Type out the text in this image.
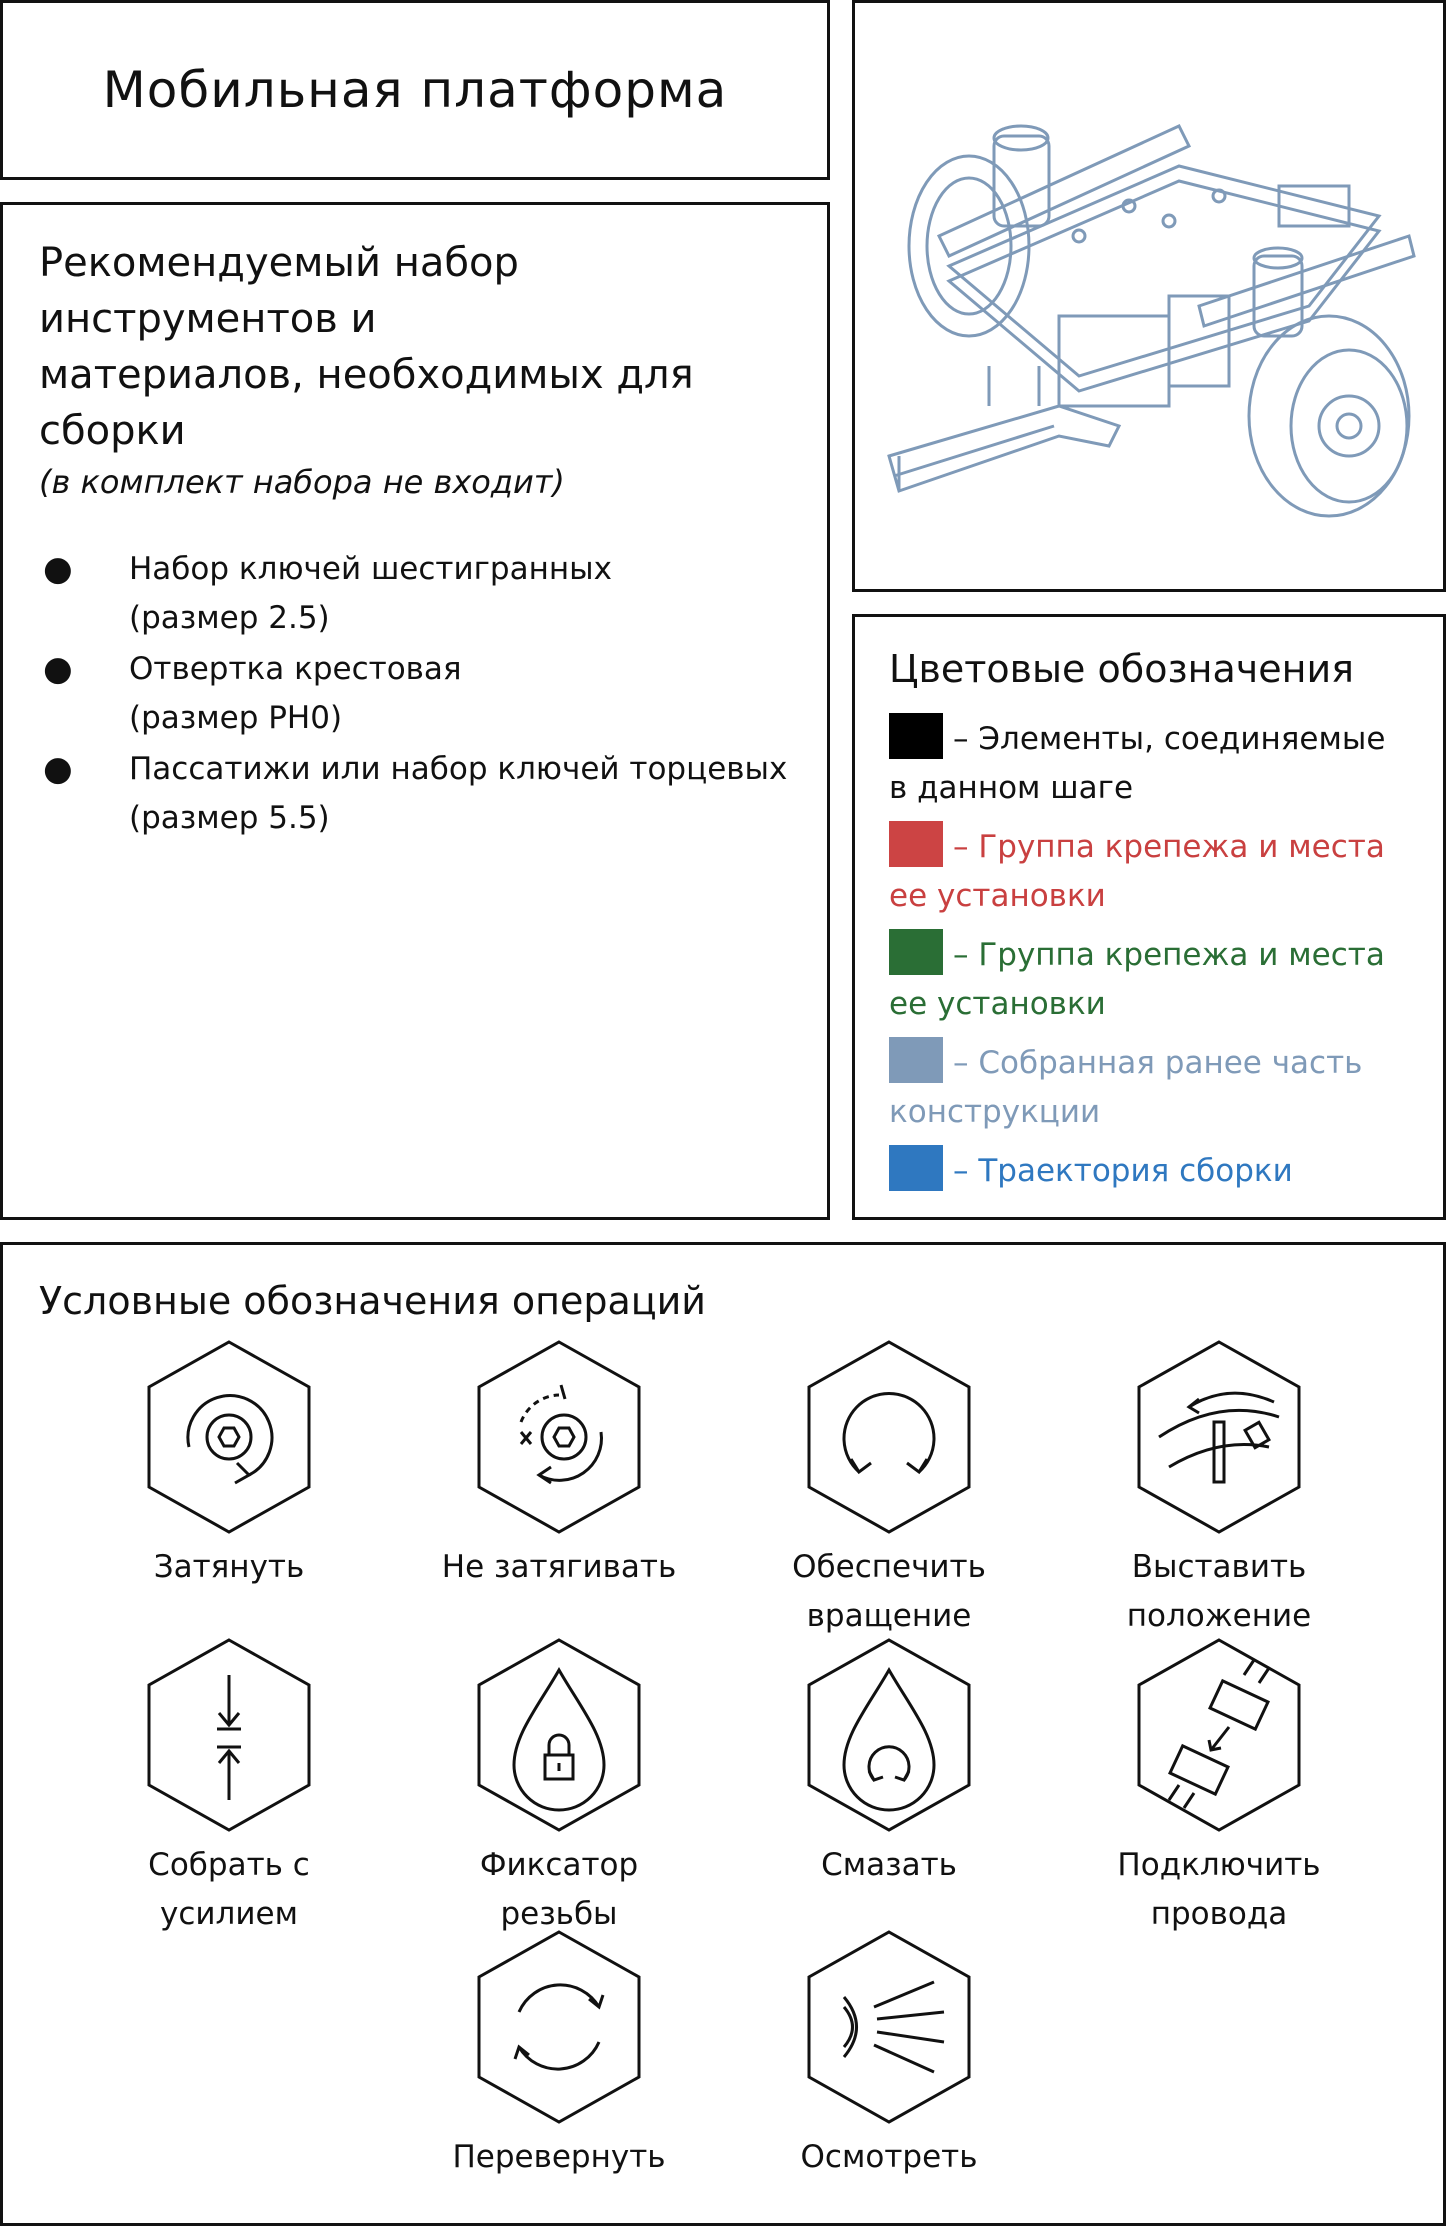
Мобильная платформа
Рекомендуемый набор инструментов и
материалов, необходимых для сборки
(в комплект набора не входит)
● Набор ключей шестигранных
(размер 2.5)
● Отвертка крестовая
(размер PH0)
● Пассатижи или набор ключей торцевых
(размер 5.5)
Цветовые обозначения
– Элементы, соединяемые в данном шаге
– Группа крепежа и места ее установки
– Группа крепежа и места ее установки
– Собранная ранее часть конструкции
– Траектория сборки
Условные обозначения операций
Затянуть	Не затягивать	Обеспечить
вращение
Выставить
положение
Собрать с
усилием
Фиксатор
резьбы
Смазать	Подключить
провода
Перевернуть	Осмотреть
